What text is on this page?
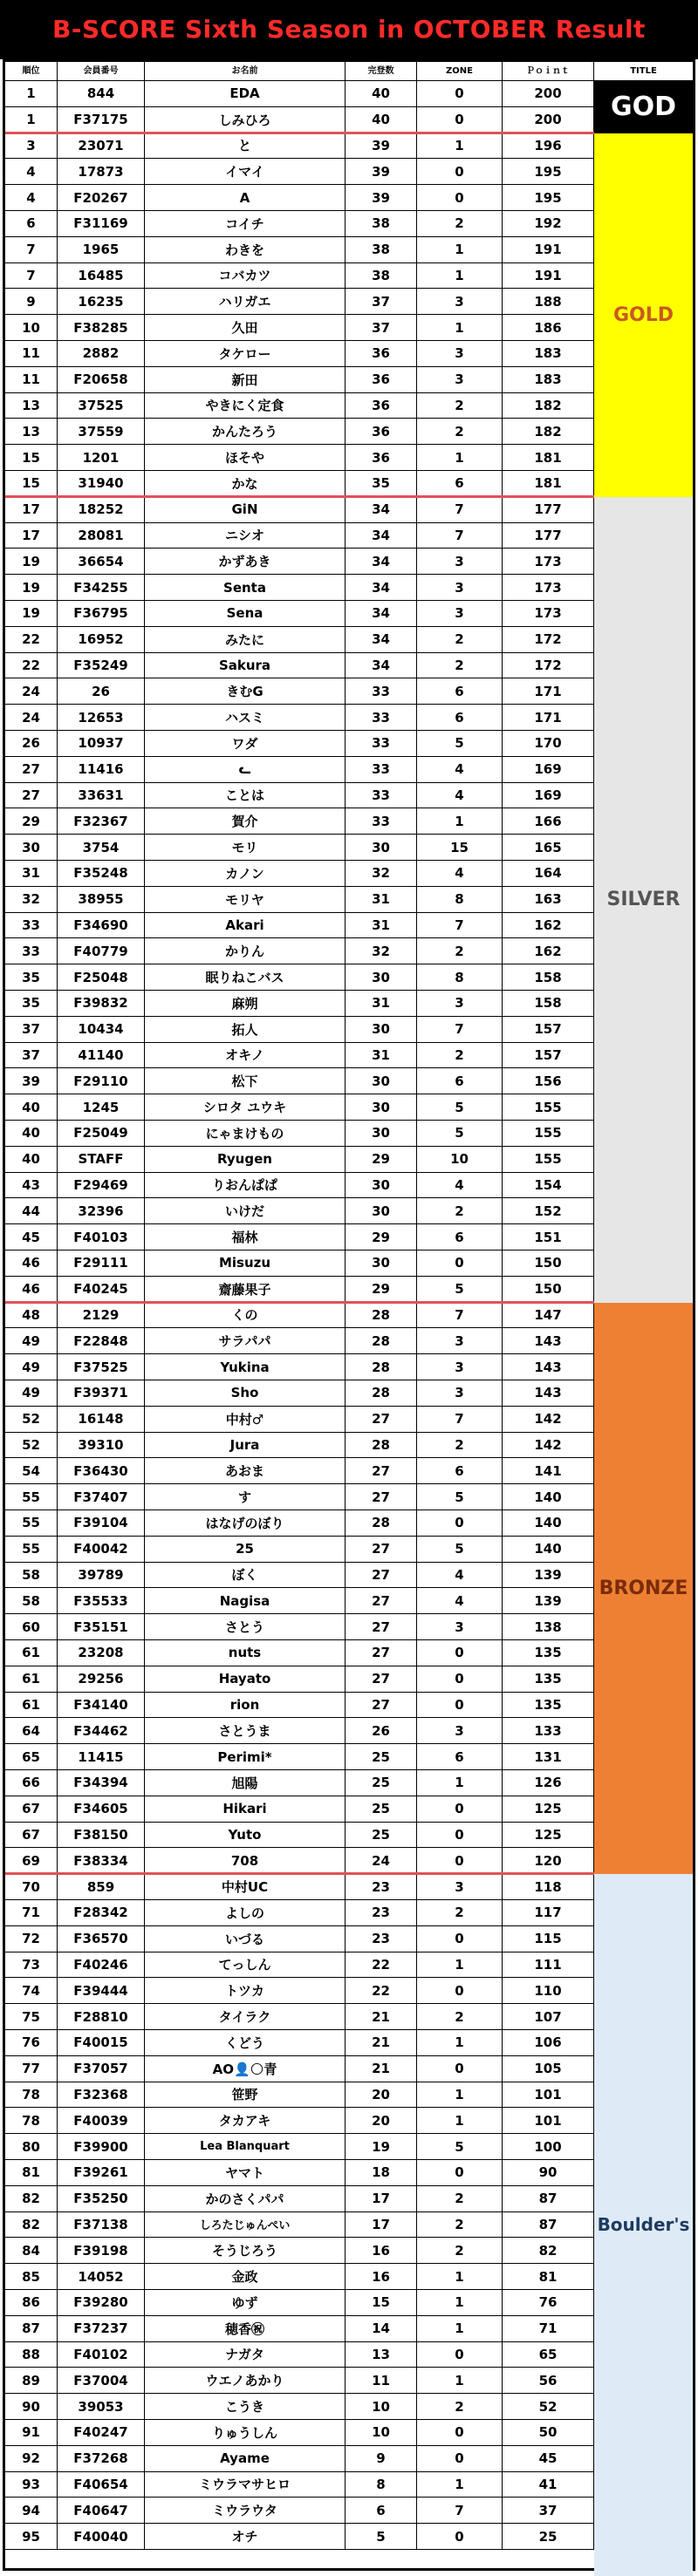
B-SCORE Sixth Season in OCTOBER Result
順位	会員番号	お名前	完登数	ZONE	Ｐｏｉｎｔ	TITLE
1	844	EDA	40	0	200
1	F37175	しみひろ	40	0	200
3	23071	と	39	1	196
4	17873	イマイ	39	0	195
4	F20267	A	39	0	195
6	F31169	コイチ	38	2	192
7	1965	わきを	38	1	191
7	16485	コバカツ	38	1	191
9	16235	ハリガエ	37	3	188
10	F38285	久田	37	1	186
11	2882	タケロー	36	3	183
11	F20658	新田	36	3	183
13	37525	やきにく定食	36	2	182
13	37559	かんたろう	36	2	182
15	1201	ほそや	36	1	181
15	31940	かな	35	6	181
17	18252	GiN	34	7	177
17	28081	ニシオ	34	7	177
19	36654	かずあき	34	3	173
19	F34255	Senta	34	3	173
19	F36795	Sena	34	3	173
22	16952	みたに	34	2	172
22	F35249	Sakura	34	2	172
24	26	きむG	33	6	171
24	12653	ハスミ	33	6	171
26	10937	ワダ	33	5	170
27	11416	ᓚ	33	4	169
27	33631	ことは	33	4	169
29	F32367	賀介	33	1	166
30	3754	モリ	30	15	165
31	F35248	カノン	32	4	164
32	38955	モリヤ	31	8	163
33	F34690	Akari	31	7	162
33	F40779	かりん	32	2	162
35	F25048	眠りねこバス	30	8	158
35	F39832	麻朔	31	3	158
37	10434	拓人	30	7	157
37	41140	オキノ	31	2	157
39	F29110	松下	30	6	156
40	1245	シロタ ユウキ	30	5	155
40	F25049	にゃまけもの	30	5	155
40	STAFF	Ryugen	29	10	155
43	F29469	りおんぱぱ	30	4	154
44	32396	いけだ	30	2	152
45	F40103	福林	29	6	151
46	F29111	Misuzu	30	0	150
46	F40245	齋藤果子	29	5	150
48	2129	くの	28	7	147
49	F22848	サラパパ	28	3	143
49	F37525	Yukina	28	3	143
49	F39371	Sho	28	3	143
52	16148	中村♂	27	7	142
52	39310	Jura	28	2	142
54	F36430	あおま	27	6	141
55	F37407	す	27	5	140
55	F39104	はなげのぼり	28	0	140
55	F40042	25	27	5	140
58	39789	ぼく	27	4	139
58	F35533	Nagisa	27	4	139
60	F35151	さとう	27	3	138
61	23208	nuts	27	0	135
61	29256	Hayato	27	0	135
61	F34140	rion	27	0	135
64	F34462	さとうま	26	3	133
65	11415	Perimi*	25	6	131
66	F34394	旭陽	25	1	126
67	F34605	Hikari	25	0	125
67	F38150	Yuto	25	0	125
69	F38334	708	24	0	120
70	859	中村UC	23	3	118
71	F28342	よしの	23	2	117
72	F36570	いづる	23	0	115
73	F40246	てっしん	22	1	111
74	F39444	トツカ	22	0	110
75	F28810	タイラク	21	2	107
76	F40015	くどう	21	1	106
77	F37057	AO👤🌕青	21	0	105
78	F32368	笹野	20	1	101
78	F40039	タカアキ	20	1	101
80	F39900	Lea Blanquart	19	5	100
81	F39261	ヤマト	18	0	90
82	F35250	かのさくパパ	17	2	87
82	F37138	しろたじゅんぺい	17	2	87
84	F39198	そうじろう	16	2	82
85	14052	金政	16	1	81
86	F39280	ゆず	15	1	76
87	F37237	穂香㊗	14	1	71
88	F40102	ナガタ	13	0	65
89	F37004	ウエノあかり	11	1	56
90	39053	こうき	10	2	52
91	F40247	りゅうしん	10	0	50
92	F37268	Ayame	9	0	45
93	F40654	ミウラマサヒロ	8	1	41
94	F40647	ミウラウタ	6	7	37
95	F40040	オチ	5	0	25
GOD
GOLD
SILVER
BRONZE
Boulder's
